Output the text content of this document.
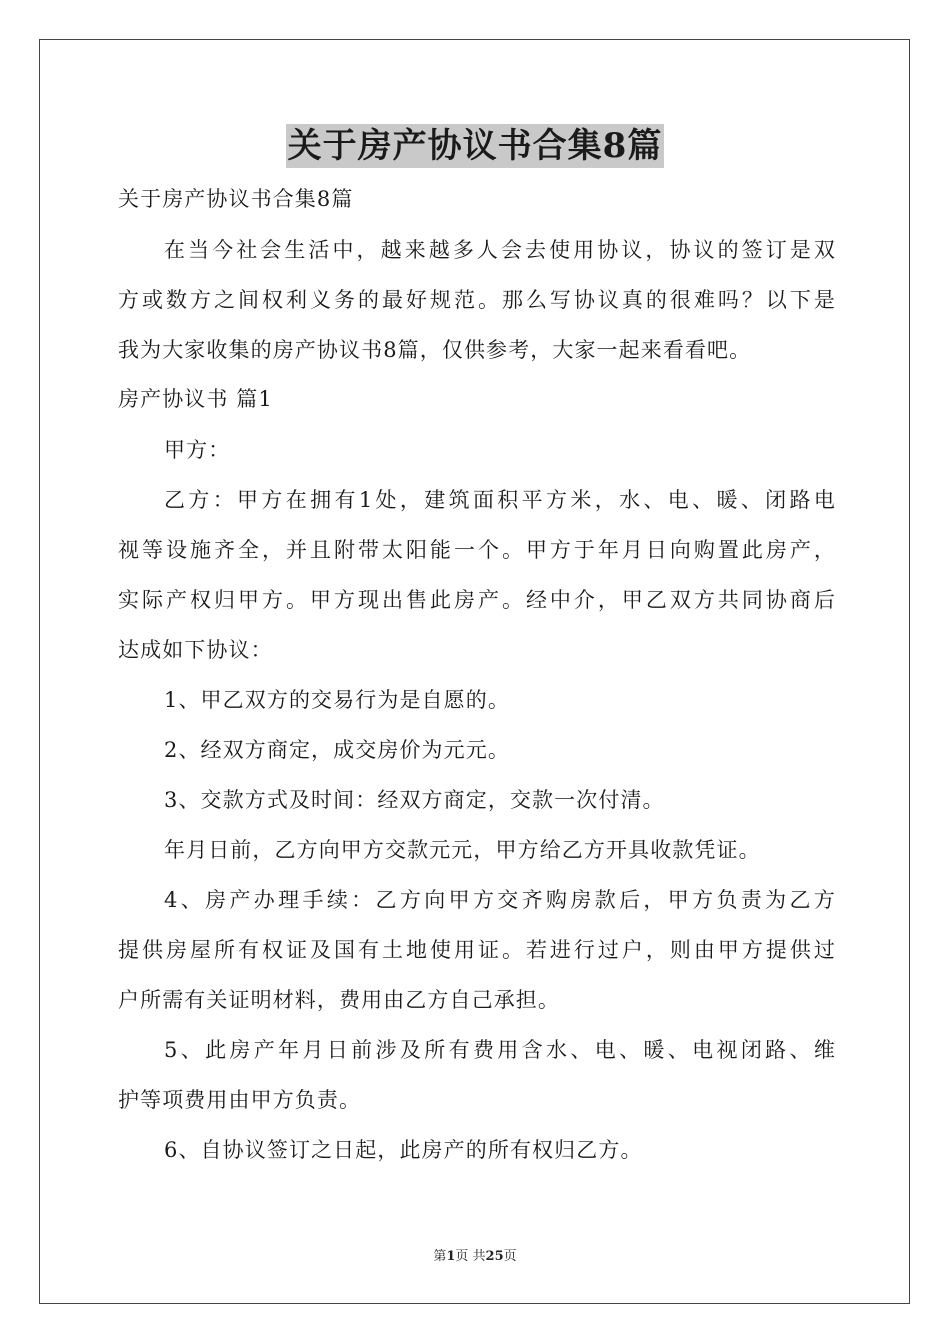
关于房产协议书合集8篇
关于房产协议书合集8篇
在当今社会生活中，越来越多人会去使用协议，协议的签订是双
方或数方之间权利义务的最好规范。那么写协议真的很难吗？以下是
我为大家收集的房产协议书8篇，仅供参考，大家一起来看看吧。
房产协议书 篇1
甲方：
乙方：甲方在拥有1处，建筑面积平方米，水、电、暖、闭路电
视等设施齐全，并且附带太阳能一个。甲方于年月日向购置此房产，
实际产权归甲方。甲方现出售此房产。经中介，甲乙双方共同协商后
达成如下协议：
1、甲乙双方的交易行为是自愿的。
2、经双方商定，成交房价为元元。
3、交款方式及时间：经双方商定，交款一次付清。
年月日前，乙方向甲方交款元元，甲方给乙方开具收款凭证。
4、房产办理手续：乙方向甲方交齐购房款后，甲方负责为乙方
提供房屋所有权证及国有土地使用证。若进行过户，则由甲方提供过
户所需有关证明材料，费用由乙方自己承担。
5、此房产年月日前涉及所有费用含水、电、暖、电视闭路、维
护等项费用由甲方负责。
6、自协议签订之日起，此房产的所有权归乙方。
第1页 共25页
